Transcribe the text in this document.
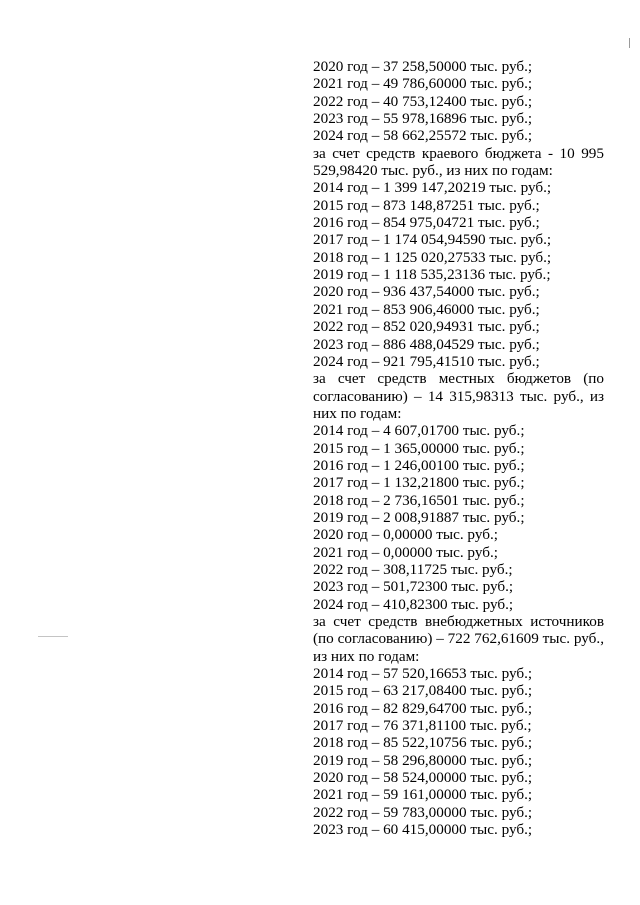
2020 год – 37 258,50000 тыс. руб.;
2021 год – 49 786,60000 тыс. руб.;
2022 год – 40 753,12400 тыс. руб.;
2023 год – 55 978,16896 тыс. руб.;
2024 год – 58 662,25572 тыс. руб.;
за счет средств краевого бюджета - 10 995 529,98420 тыс. руб., из них по годам:
2014 год – 1 399 147,20219 тыс. руб.;
2015 год – 873 148,87251 тыс. руб.;
2016 год – 854 975,04721 тыс. руб.;
2017 год – 1 174 054,94590 тыс. руб.;
2018 год – 1 125 020,27533 тыс. руб.;
2019 год – 1 118 535,23136 тыс. руб.;
2020 год – 936 437,54000 тыс. руб.;
2021 год – 853 906,46000 тыс. руб.;
2022 год – 852 020,94931 тыс. руб.;
2023 год – 886 488,04529 тыс. руб.;
2024 год – 921 795,41510 тыс. руб.;
за счет средств местных бюджетов (по согласованию) – 14 315,98313 тыс. руб., из них по годам:
2014 год – 4 607,01700 тыс. руб.;
2015 год – 1 365,00000 тыс. руб.;
2016 год – 1 246,00100 тыс. руб.;
2017 год – 1 132,21800 тыс. руб.;
2018 год – 2 736,16501 тыс. руб.;
2019 год – 2 008,91887 тыс. руб.;
2020 год – 0,00000 тыс. руб.;
2021 год – 0,00000 тыс. руб.;
2022 год – 308,11725 тыс. руб.;
2023 год – 501,72300 тыс. руб.;
2024 год – 410,82300 тыс. руб.;
за счет средств внебюджетных источников (по согласованию) – 722 762,61609 тыс. руб., из них по годам:
2014 год – 57 520,16653 тыс. руб.;
2015 год – 63 217,08400 тыс. руб.;
2016 год – 82 829,64700 тыс. руб.;
2017 год – 76 371,81100 тыс. руб.;
2018 год – 85 522,10756 тыс. руб.;
2019 год – 58 296,80000 тыс. руб.;
2020 год – 58 524,00000 тыс. руб.;
2021 год – 59 161,00000 тыс. руб.;
2022 год – 59 783,00000 тыс. руб.;
2023 год – 60 415,00000 тыс. руб.;
